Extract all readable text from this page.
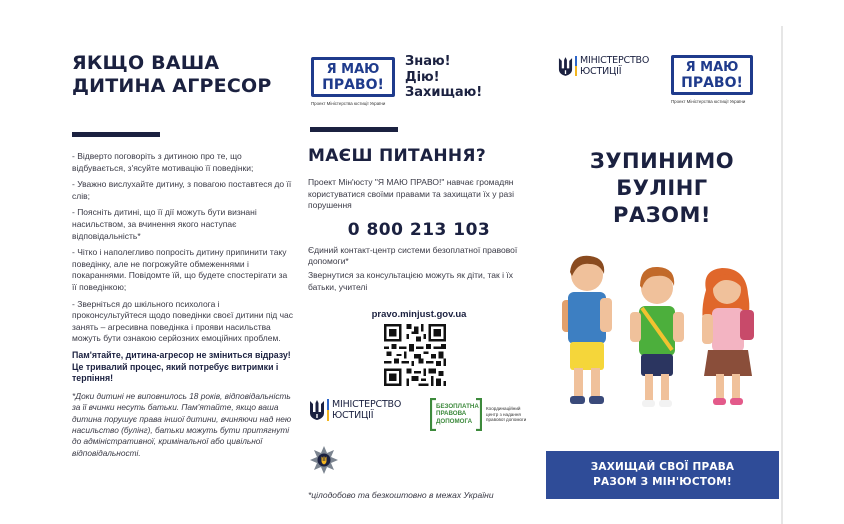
ЯКЩО ВАША
ДИТИНА АГРЕСОР

- Відверто поговоріть з дитиною про те, що відбувається, з'ясуйте мотивацію її поведінки;

- Уважно вислухайте дитину, з повагою поставтеся до її слів;

- Поясніть дитині, що її дії можуть бути визнані насильством, за вчинення якого наступає відповідальність*

- Чітко і наполегливо попросіть дитину припинити таку поведінку, але не погрожуйте обмеженнями і покараннями. Повідомте їй, що будете спостерігати за її поведінкою;

- Зверніться до шкільного психолога і проконсультуйтеся щодо поведінки своєї дитини під час занять – агресивна поведінка і прояви насильства можуть бути ознакою серйозних емоційних проблем.

Пам'ятайте, дитина-агресор не зміниться відразу! Це тривалий процес, який потребує витримки і терпіння!

*Доки дитині не виповнилось 18 років, відповідальність за її вчинки несуть батьки. Пам'ятайте, якщо ваша дитина порушує права іншої дитини, вчиняючи над нею насильство (булінг), батьки можуть бути притягнуті до адміністративної, кримінальної або цивільної відповідальності.

Я МАЮ
ПРАВО!
Проект Міністерства юстиції України
Знаю!
Дію!
Захищаю!
МАЄШ ПИТАННЯ?

Проект Мін'юсту "Я МАЮ ПРАВО!" навчає громадян користуватися своїми правами та захищати їх у разі порушення

0 800 213 103

Єдиний контакт-центр системи безоплатної правової допомоги*

Звернутися за консультацією можуть як діти, так і їх батьки, учителі

pravo.minjust.gov.ua
МІНІСТЕРСТВО
ЮСТИЦІЇ
БЕЗОПЛАТНА
ПРАВОВА
ДОПОМОГА
Координаційний центр з надання правової допомоги
*цілодобово та безкоштовно в межах України
МІНІСТЕРСТВО
ЮСТИЦІЇ	Я МАЮ
ПРАВО!
Проект Міністерства юстиції України
ЗУПИНИМО
БУЛІНГ
РАЗОМ!
ЗАХИЩАЙ СВОЇ ПРАВА
РАЗОМ З МІН'ЮСТОМ!
